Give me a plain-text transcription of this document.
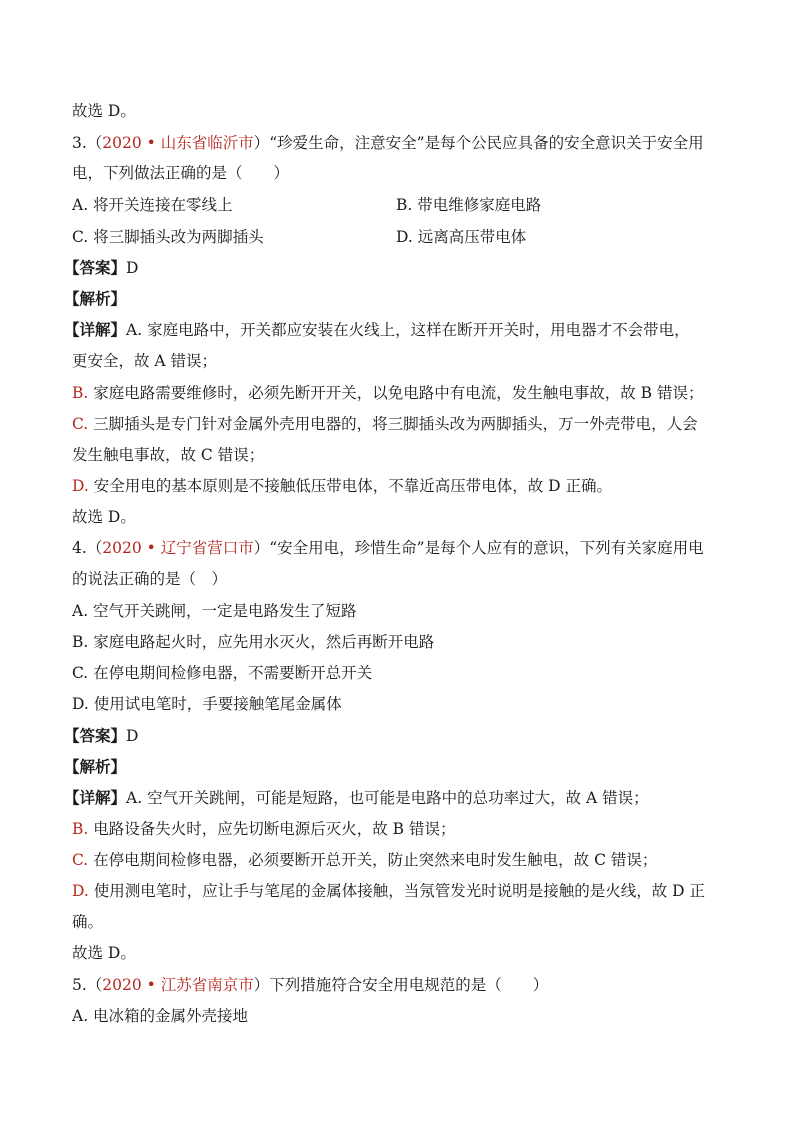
故选 D。
3.（2020 • 山东省临沂市）“珍爱生命，注意安全”是每个公民应具备的安全意识关于安全用
电，下列做法正确的是（　　）
A. 将开关连接在零线上	B. 带电维修家庭电路
C. 将三脚插头改为两脚插头	D. 远离高压带电体
【答案】D
【解析】
【详解】A. 家庭电路中，开关都应安装在火线上，这样在断开开关时，用电器才不会带电，
更安全，故 A 错误；
B. 家庭电路需要维修时，必须先断开开关，以免电路中有电流，发生触电事故，故 B 错误；
C. 三脚插头是专门针对金属外壳用电器的，将三脚插头改为两脚插头，万一外壳带电，人会
发生触电事故，故 C 错误；
D. 安全用电的基本原则是不接触低压带电体，不靠近高压带电体，故 D 正确。
故选 D。
4.（2020 • 辽宁省营口市）“安全用电，珍惜生命”是每个人应有的意识，下列有关家庭用电
的说法正确的是（　）
A. 空气开关跳闸，一定是电路发生了短路
B. 家庭电路起火时，应先用水灭火，然后再断开电路
C. 在停电期间检修电器，不需要断开总开关
D. 使用试电笔时，手要接触笔尾金属体
【答案】D
【解析】
【详解】A. 空气开关跳闸，可能是短路，也可能是电路中的总功率过大，故 A 错误；
B. 电路设备失火时，应先切断电源后灭火，故 B 错误；
C. 在停电期间检修电器，必须要断开总开关，防止突然来电时发生触电，故 C 错误；
D. 使用测电笔时，应让手与笔尾的金属体接触，当氖管发光时说明是接触的是火线，故 D 正
确。
故选 D。
5.（2020 • 江苏省南京市）下列措施符合安全用电规范的是（　　）
A. 电冰箱的金属外壳接地
